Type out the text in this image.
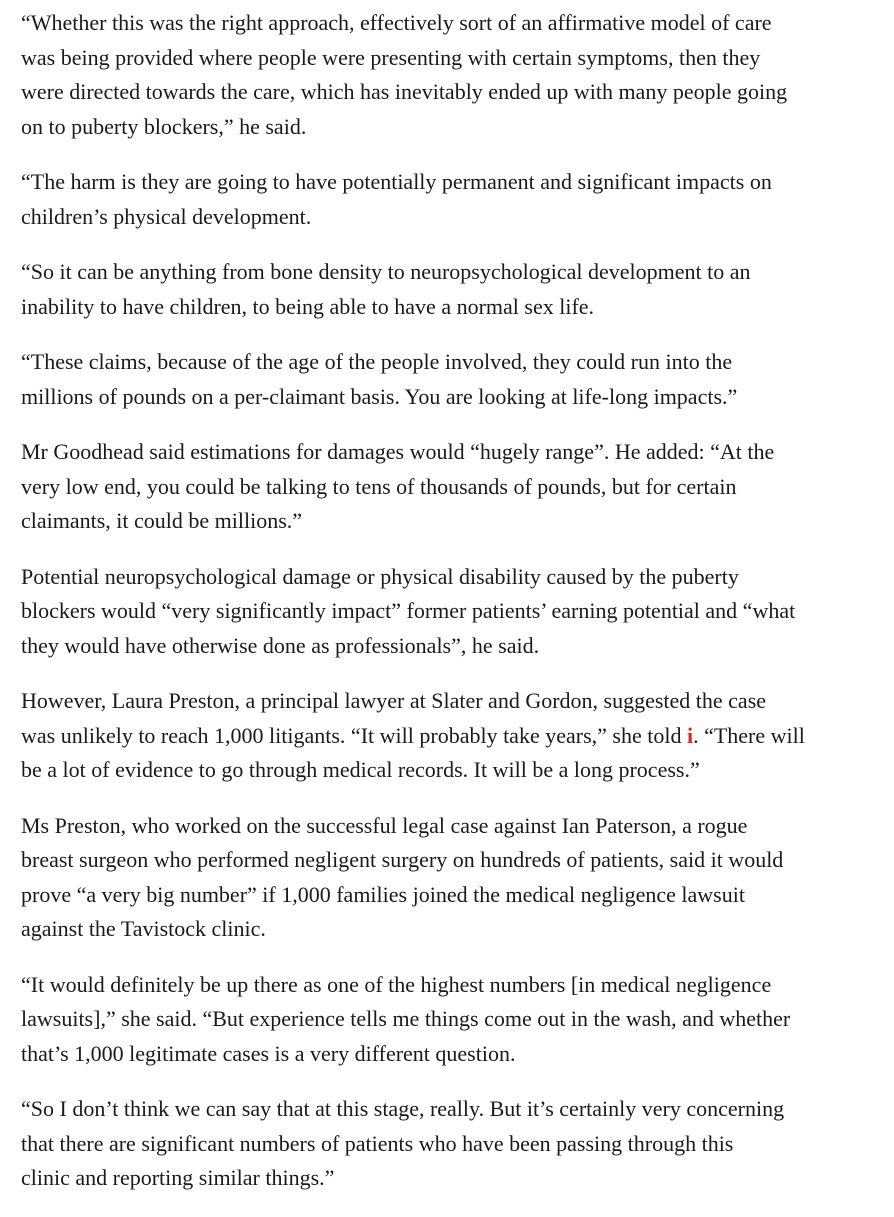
“Whether this was the right approach, effectively sort of an affirmative model of care
was being provided where people were presenting with certain symptoms, then they
were directed towards the care, which has inevitably ended up with many people going
on to puberty blockers,” he said.

“The harm is they are going to have potentially permanent and significant impacts on
children’s physical development.

“So it can be anything from bone density to neuropsychological development to an
inability to have children, to being able to have a normal sex life.

“These claims, because of the age of the people involved, they could run into the
millions of pounds on a per-claimant basis. You are looking at life-long impacts.”

Mr Goodhead said estimations for damages would “hugely range”. He added: “At the
very low end, you could be talking to tens of thousands of pounds, but for certain
claimants, it could be millions.”

Potential neuropsychological damage or physical disability caused by the puberty
blockers would “very significantly impact” former patients’ earning potential and “what
they would have otherwise done as professionals”, he said.

However, Laura Preston, a principal lawyer at Slater and Gordon, suggested the case
was unlikely to reach 1,000 litigants. “It will probably take years,” she told i. “There will
be a lot of evidence to go through medical records. It will be a long process.”

Ms Preston, who worked on the successful legal case against Ian Paterson, a rogue
breast surgeon who performed negligent surgery on hundreds of patients, said it would
prove “a very big number” if 1,000 families joined the medical negligence lawsuit
against the Tavistock clinic.

“It would definitely be up there as one of the highest numbers [in medical negligence
lawsuits],” she said. “But experience tells me things come out in the wash, and whether
that’s 1,000 legitimate cases is a very different question.

“So I don’t think we can say that at this stage, really. But it’s certainly very concerning
that there are significant numbers of patients who have been passing through this
clinic and reporting similar things.”
